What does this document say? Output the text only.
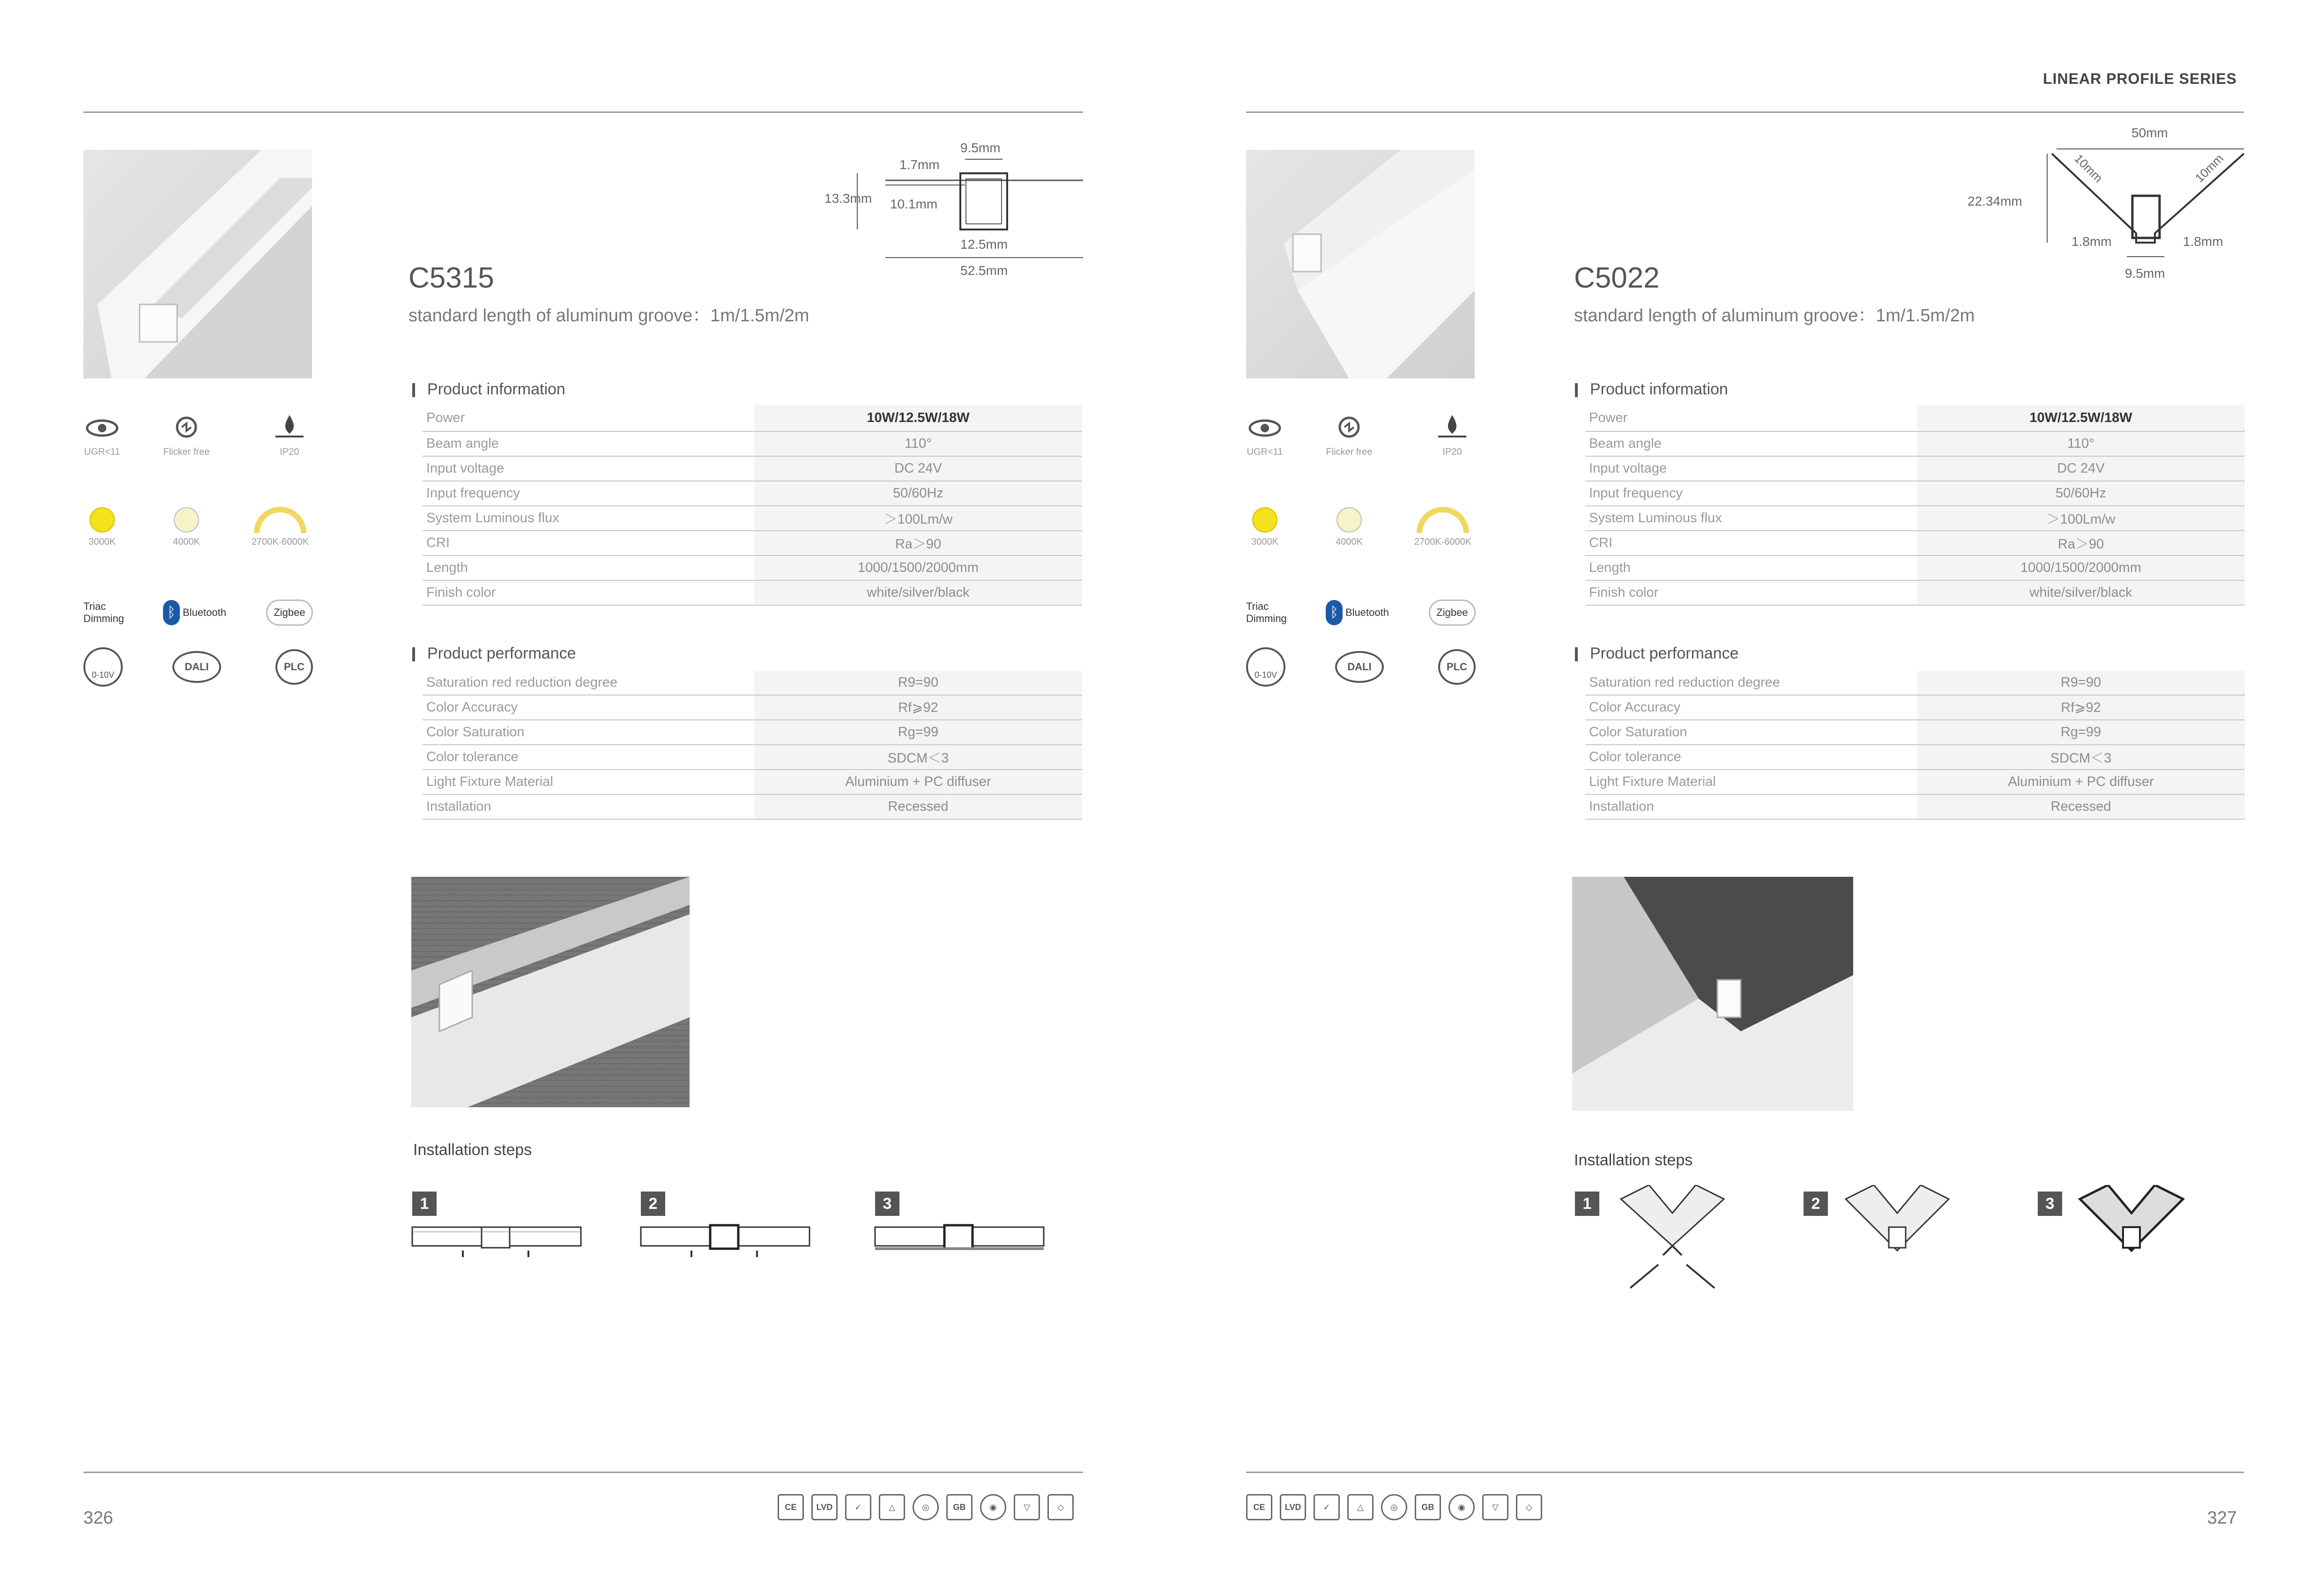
LINEAR PROFILE SERIES
9.5mm
1.7mm
13.3mm 10.1mm
12.5mm
52.5mm
C5315
standard length of aluminum groove：1m/1.5m/2m
UGR<11	Flicker free	IP20
3000K	4000K	2700K-6000K
Triac Dimming	ᛒ Bluetooth	Zigbee
0-10V
DALI	PLC
Product information
Power	10W/12.5W/18W
Beam angle	110°
Input voltage	DC 24V
Input frequency	50/60Hz
System Luminous flux	＞100Lm/w
CRI	Ra＞90
Length	1000/1500/2000mm
Finish color	white/silver/black
Product performance
Saturation red reduction degree	R9=90
Color Accuracy	Rf⩾92
Color Saturation	Rg=99
Color tolerance	SDCM＜3
Light Fixture Material	Aluminium + PC diffuser
Installation	Recessed
Installation steps
1	2	3
326
CE	LVD	✓	△	◎	GB	◉	▽	◇
50mm
10mm	10mm
22.34mm
1.8mm	1.8mm
9.5mm
C5022
standard length of aluminum groove：1m/1.5m/2m
UGR<11	Flicker free	IP20
3000K	4000K	2700K-6000K
Triac Dimming	ᛒ Bluetooth	Zigbee
0-10V
DALI	PLC
Product information
Power	10W/12.5W/18W
Beam angle	110°
Input voltage	DC 24V
Input frequency	50/60Hz
System Luminous flux	＞100Lm/w
CRI	Ra＞90
Length	1000/1500/2000mm
Finish color	white/silver/black
Product performance
Saturation red reduction degree	R9=90
Color Accuracy	Rf⩾92
Color Saturation	Rg=99
Color tolerance	SDCM＜3
Light Fixture Material	Aluminium + PC diffuser
Installation	Recessed
Installation steps
1	2	3
327
CE	LVD	✓	△	◎	GB	◉	▽	◇
